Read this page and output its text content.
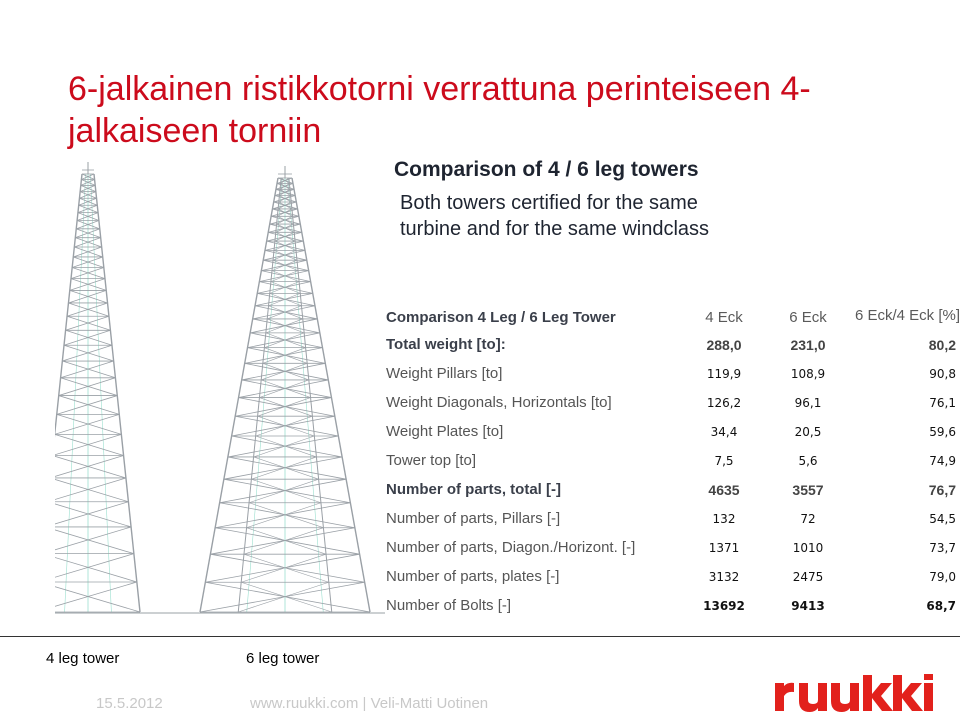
6-jalkainen ristikkotorni verrattuna perinteiseen 4-jalkaiseen torniin
Comparison of 4 / 6 leg towers
Both towers certified for the same turbine and for the same windclass
Comparison 4 Leg / 6 Leg Tower	4 Eck	6 Eck	6 Eck/4 Eck [%]
Total weight [to]:	288,0	231,0	80,2
Weight Pillars [to]	119,9	108,9	90,8
Weight Diagonals, Horizontals [to]	126,2	96,1	76,1
Weight Plates [to]	34,4	20,5	59,6
Tower top [to]	7,5	5,6	74,9
Number of parts, total [-]	4635	3557	76,7
Number of parts, Pillars [-]	132	72	54,5
Number of parts, Diagon./Horizont. [-]	1371	1010	73,7
Number of parts, plates [-]	3132	2475	79,0
Number of Bolts [-]	13692	9413	68,7
4 leg tower	6 leg tower
15.5.2012	www.ruukki.com | Veli-Matti Uotinen
